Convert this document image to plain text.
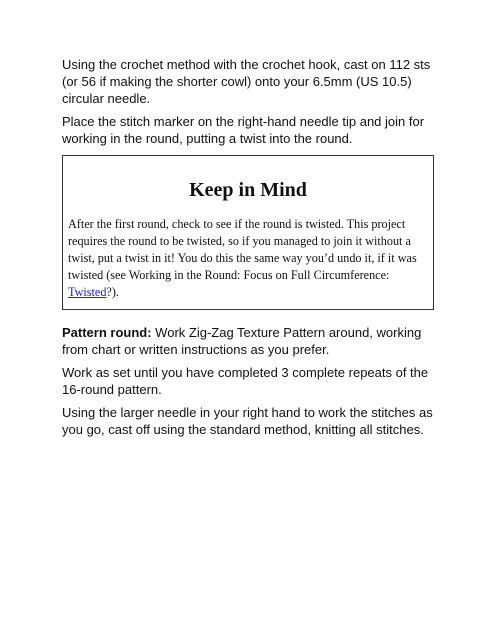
Using the crochet method with the crochet hook, cast on 112 sts (or 56 if making the shorter cowl) onto your 6.5mm (US 10.5) circular needle.

Place the stitch marker on the right-hand needle tip and join for working in the round, putting a twist into the round.

Keep in Mind

After the first round, check to see if the round is twisted. This project requires the round to be twisted, so if you managed to join it without a twist, put a twist in it! You do this the same way you’d undo it, if it was twisted (see Working in the Round: Focus on Full Circumference: Twisted?).

Pattern round: Work Zig-Zag Texture Pattern around, working from chart or written instructions as you prefer.

Work as set until you have completed 3 complete repeats of the 16-round pattern.

Using the larger needle in your right hand to work the stitches as you go, cast off using the standard method, knitting all stitches.
